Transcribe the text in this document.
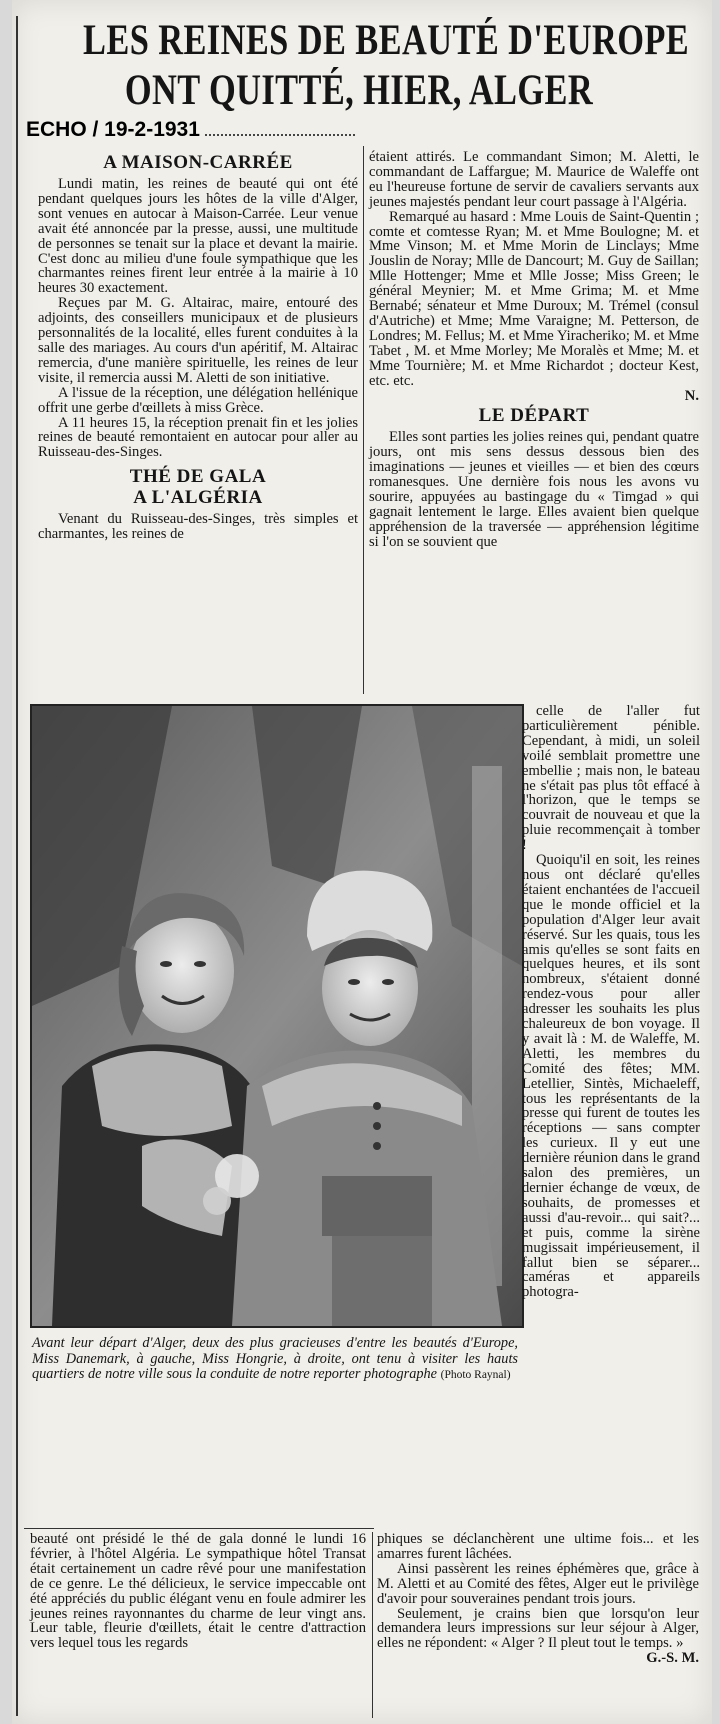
LES REINES DE BEAUTÉ D'EUROPE
ONT QUITTÉ, HIER, ALGER
ECHO / 19-2-1931

A MAISON-CARRÉE

Lundi matin, les reines de beauté qui ont été pendant quelques jours les hôtes de la ville d'Alger, sont venues en autocar à Maison-Carrée. Leur venue avait été annoncée par la presse, aussi, une multitude de personnes se tenait sur la place et devant la mairie. C'est donc au milieu d'une foule sympathique que les charmantes reines firent leur entrée à la mairie à 10 heures 30 exactement.

Reçues par M. G. Altairac, maire, entouré des adjoints, des conseillers municipaux et de plusieurs personnalités de la localité, elles furent conduites à la salle des mariages. Au cours d'un apéritif, M. Altairac remercia, d'une manière spirituelle, les reines de leur visite, il remercia aussi M. Aletti de son initiative.

A l'issue de la réception, une délégation hellénique offrit une gerbe d'œillets à miss Grèce.

A 11 heures 15, la réception prenait fin et les jolies reines de beauté remontaient en autocar pour aller au Ruisseau-des-Singes.

THÉ DE GALA
A L'ALGÉRIA

Venant du Ruisseau-des-Singes, très simples et charmantes, les reines de

étaient attirés. Le commandant Simon; M. Aletti, le commandant de Laffargue; M. Maurice de Waleffe ont eu l'heureuse fortune de servir de cavaliers servants aux jeunes majestés pendant leur court passage à l'Algéria.

Remarqué au hasard : Mme Louis de Saint-Quentin ; comte et comtesse Ryan; M. et Mme Boulogne; M. et Mme Vinson; M. et Mme Morin de Linclays; Mme Jouslin de Noray; Mlle de Dancourt; M. Guy de Saillan; Mlle Hottenger; Mme et Mlle Josse; Miss Green; le général Meynier; M. et Mme Grima; M. et Mme Bernabé; sénateur et Mme Duroux; M. Trémel (consul d'Autriche) et Mme; Mme Varaigne; M. Petterson, de Londres; M. Fellus; M. et Mme Yiracheriko; M. et Mme Tabet , M. et Mme Morley; Me Moralès et Mme; M. et Mme Tournière; M. et Mme Richardot ; docteur Kest, etc. etc.

N.

LE DÉPART

Elles sont parties les jolies reines qui, pendant quatre jours, ont mis sens dessus dessous bien des imaginations — jeunes et vieilles — et bien des cœurs romanesques. Une dernière fois nous les avons vu sourire, appuyées au bastingage du « Timgad » qui gagnait lentement le large. Elles avaient bien quelque appréhension de la traversée — appréhension légitime si l'on se souvient que

celle de l'aller fut particulièrement pénible. Cependant, à midi, un soleil voilé semblait promettre une embellie ; mais non, le bateau ne s'était pas plus tôt effacé à l'horizon, que le temps se couvrait de nouveau et que la pluie recommençait à tomber !

Quoiqu'il en soit, les reines nous ont déclaré qu'elles étaient enchantées de l'accueil que le monde officiel et la population d'Alger leur avait réservé. Sur les quais, tous les amis qu'elles se sont faits en quelques heures, et ils sont nombreux, s'étaient donné rendez-vous pour aller adresser les souhaits les plus chaleureux de bon voyage. Il y avait là : M. de Waleffe, M. Aletti, les membres du Comité des fêtes; MM. Letellier, Sintès, Michaeleff, tous les représentants de la presse qui furent de toutes les réceptions — sans compter les curieux. Il y eut une dernière réunion dans le grand salon des premières, un dernier échange de vœux, de souhaits, de promesses et aussi d'au-revoir... qui sait?... et puis, comme la sirène mugissait impérieusement, il fallut bien se séparer... caméras et appareils photogra-

Avant leur départ d'Alger, deux des plus gracieuses d'entre les beautés d'Europe, Miss Danemark, à gauche, Miss Hongrie, à droite, ont tenu à visiter les hauts quartiers de notre ville sous la conduite de notre reporter photographe (Photo Raynal)

beauté ont présidé le thé de gala donné le lundi 16 février, à l'hôtel Algéria. Le sympathique hôtel Transat était certainement un cadre rêvé pour une manifestation de ce genre. Le thé délicieux, le service impeccable ont été appréciés du public élégant venu en foule admirer les jeunes reines rayonnantes du charme de leur vingt ans. Leur table, fleurie d'œillets, était le centre d'attraction vers lequel tous les regards

phiques se déclanchèrent une ultime fois... et les amarres furent lâchées.

Ainsi passèrent les reines éphémères que, grâce à M. Aletti et au Comité des fêtes, Alger eut le privilège d'avoir pour souveraines pendant trois jours.

Seulement, je crains bien que lorsqu'on leur demandera leurs impressions sur leur séjour à Alger, elles ne répondent: « Alger ? Il pleut tout le temps. »

G.-S. M.
